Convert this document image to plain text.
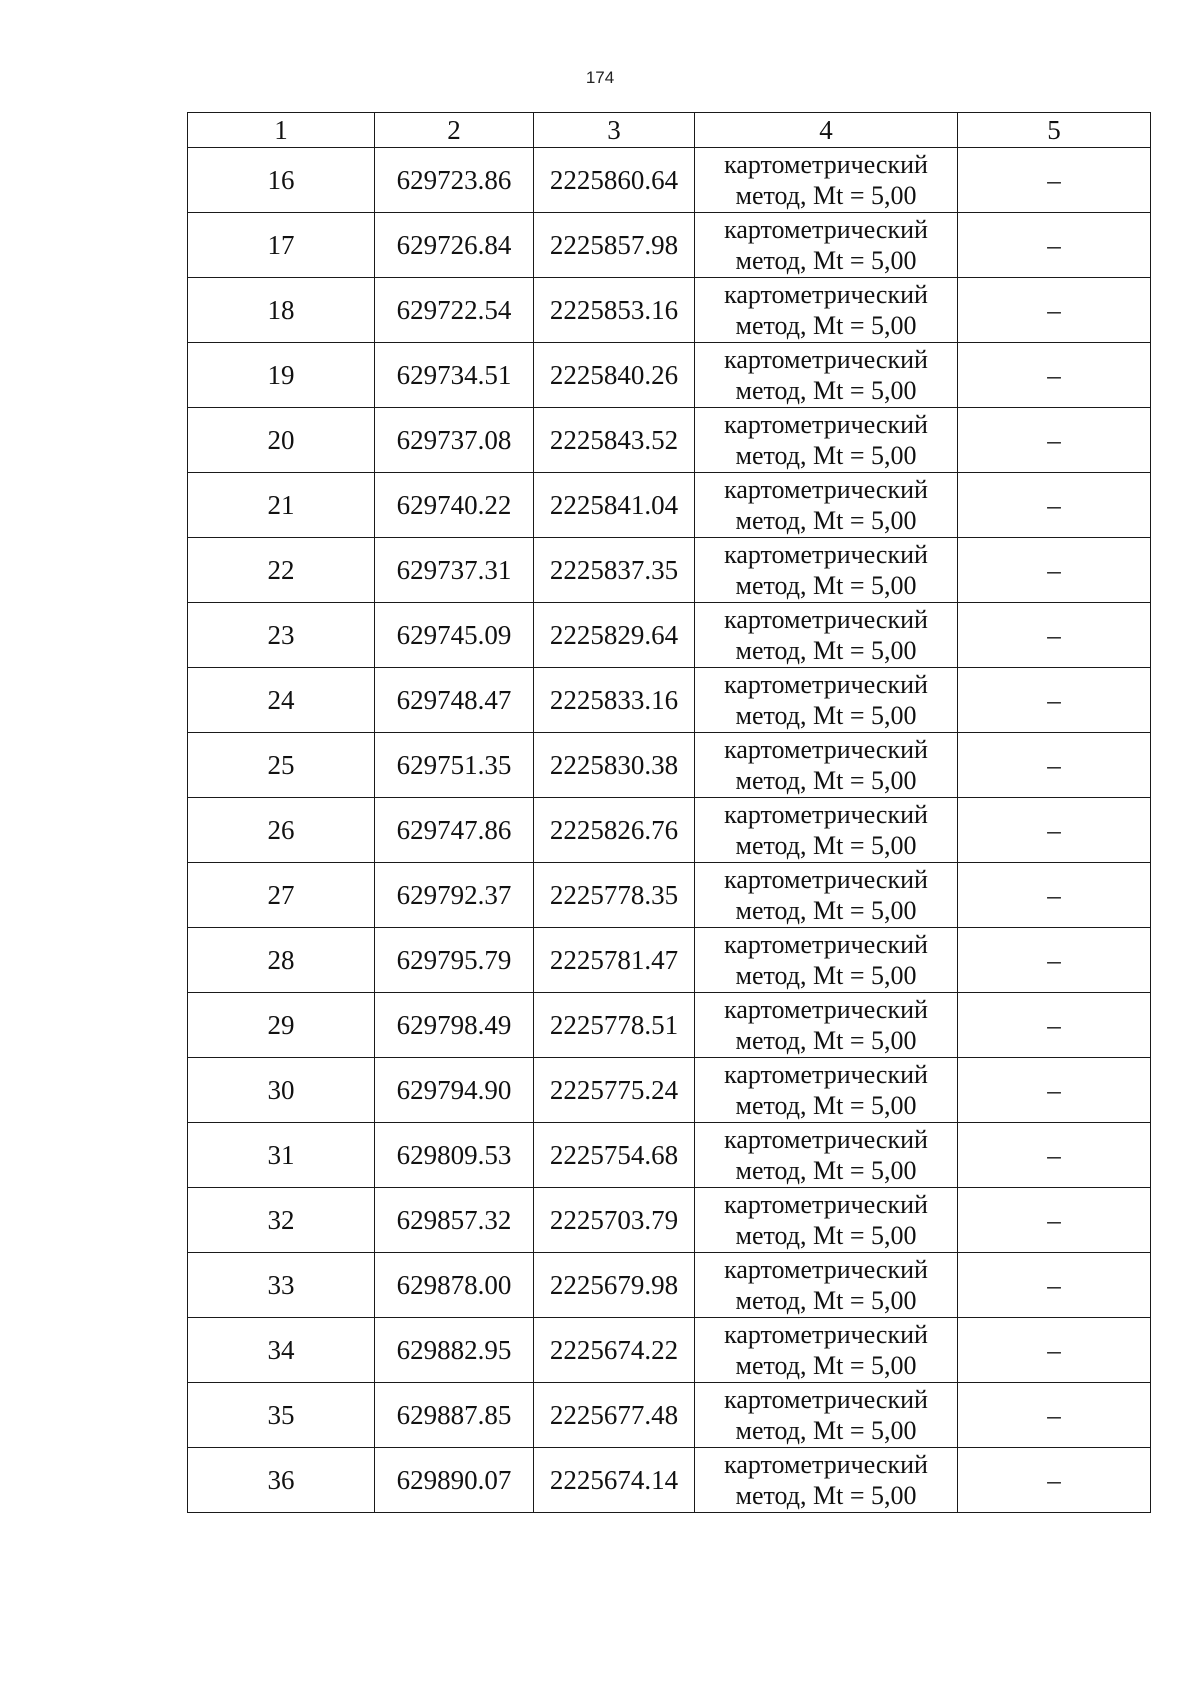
174
1	2	3	4	5
16	629723.86	2225860.64	картометрический
метод, Mt = 5,00	–
17	629726.84	2225857.98	картометрический
метод, Mt = 5,00	–
18	629722.54	2225853.16	картометрический
метод, Mt = 5,00	–
19	629734.51	2225840.26	картометрический
метод, Mt = 5,00	–
20	629737.08	2225843.52	картометрический
метод, Mt = 5,00	–
21	629740.22	2225841.04	картометрический
метод, Mt = 5,00	–
22	629737.31	2225837.35	картометрический
метод, Mt = 5,00	–
23	629745.09	2225829.64	картометрический
метод, Mt = 5,00	–
24	629748.47	2225833.16	картометрический
метод, Mt = 5,00	–
25	629751.35	2225830.38	картометрический
метод, Mt = 5,00	–
26	629747.86	2225826.76	картометрический
метод, Mt = 5,00	–
27	629792.37	2225778.35	картометрический
метод, Mt = 5,00	–
28	629795.79	2225781.47	картометрический
метод, Mt = 5,00	–
29	629798.49	2225778.51	картометрический
метод, Mt = 5,00	–
30	629794.90	2225775.24	картометрический
метод, Mt = 5,00	–
31	629809.53	2225754.68	картометрический
метод, Mt = 5,00	–
32	629857.32	2225703.79	картометрический
метод, Mt = 5,00	–
33	629878.00	2225679.98	картометрический
метод, Mt = 5,00	–
34	629882.95	2225674.22	картометрический
метод, Mt = 5,00	–
35	629887.85	2225677.48	картометрический
метод, Mt = 5,00	–
36	629890.07	2225674.14	картометрический
метод, Mt = 5,00	–
